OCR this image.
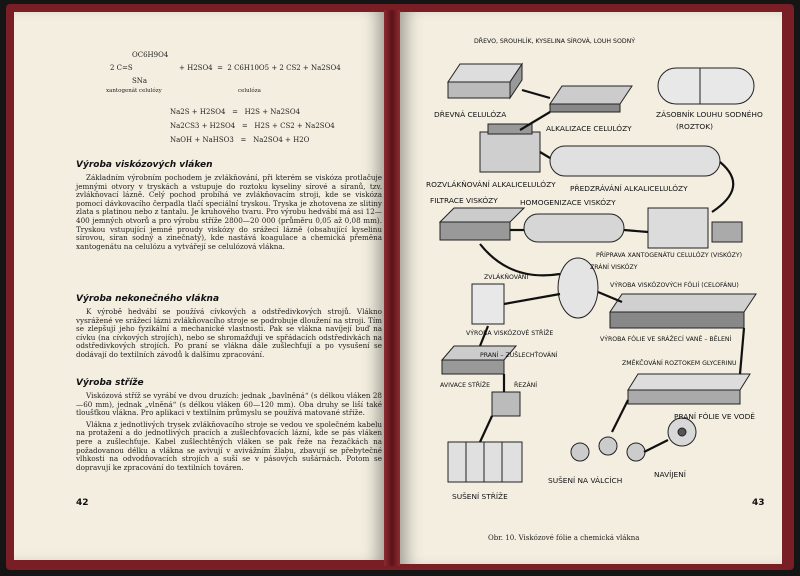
OC6H9O4
2 C=S
SNa
+ H2SO4  =  2 C6H10O5 + 2 CS2 + Na2SO4
xantogenát celulózy	celulóza
Na2S + H2SO4   =   H2S + Na2SO4
Na2CS3 + H2SO4   =   H2S + CS2 + Na2SO4
NaOH + NaHSO3   =   Na2SO4 + H2O
Výroba viskózových vláken

Základním výrobním pochodem je zvlákňování, při kterém se viskóza protlačuje jemnými otvory v tryskách a vstupuje do roztoku kyseliny sírové a síranů, tzv. zvlákňovací lázně. Celý pochod probíhá ve zvlákňovacím stroji, kde se viskóza pomocí dávkovacího čerpadla tlačí speciální tryskou. Tryska je zhotovena ze slitiny zlata s platinou nebo z tantalu. Je kruhového tvaru. Pro výrobu hedvábí má asi 12—400 jemných otvorů a pro výrobu stříže 2800—20 000 (průměru 0,05 až 0,08 mm). Tryskou vstupující jemné proudy viskózy do srážecí lázně (obsahující kyselinu sírovou, síran sodný a zinečnatý), kde nastává koagulace a chemická přeměna xantogenátu na celulózu a vytvářejí se celulózová vlákna.

Výroba nekonečného vlákna

K výrobě hedvábí se používá cívkových a odstředivkových strojů. Vlákno vysrážené ve srážecí lázni zvlákňovacího stroje se podrobuje dloužení na stroji. Tím se zlepšují jeho fyzikální a mechanické vlastnosti. Pak se vlákna navíjejí buď na cívku (na cívkových strojích), nebo se shromažďují ve spřádacích odstředivkách na odstředivkových strojích. Po praní se vlákna dále zušlechťují a po vysušení se dodávají do textilních závodů k dalšímu zpracování.

Výroba stříže

Viskózová stříž se vyrábí ve dvou druzích: jednak „bavlněná“ (s délkou vláken 28—60 mm), jednak „vlněná“ (s délkou vláken 60—120 mm). Oba druhy se liší také tloušťkou vlákna. Pro aplikaci v textilním průmyslu se používá matované stříže.

Vlákna z jednotlivých trysek zvlákňovacího stroje se vedou ve společném kabelu na protažení a do jednotlivých pracích a zušlechťovacích lázní, kde se pás vláken pere a zušlechťuje. Kabel zušlechtěných vláken se pak řeže na řezačkách na požadovanou délku a vlákna se avivují v avivážním žlabu, zbavují se přebytečné vlhkosti na odvodňovacích strojích a suší se v pásových sušárnách. Potom se dopravují ke zpracování do textilních továren.

42
DŘEVO, SROUHLÍK, KYSELINA SÍROVÁ, LOUH SODNÝ
DŘEVNÁ CELULÓZA
ALKALIZACE CELULÓZY
ZÁSOBNÍK LOUHU SODNÉHO
(ROZTOK)
ROZVLÁKŇOVÁNÍ ALKALICELULÓZY PŘEDZRÁVÁNÍ ALKALICELULÓZY
FILTRACE VISKÓZY	HOMOGENIZACE VISKÓZY
PŘÍPRAVA XANTOGENÁTU CELULÓZY (VISKÓZY)
ZRÁNÍ VISKÓZY
ZVLÁKŇOVÁNÍ
VÝROBA VISKÓZOVÝCH FÓLIÍ (CELOFÁNU)
VÝROBA VISKÓZOVÉ STŘÍŽE
VÝROBA FÓLIE VE SRÁŽECÍ VANĚ – BĚLENÍ
PRANÍ – ZUŠLECHŤOVÁNÍ
ZMĚKČOVÁNÍ ROZTOKEM GLYCERINU
AVIVACE STŘÍŽE	ŘEZÁNÍ
PRANÍ FÓLIE VE VODĚ
SUŠENÍ STŘÍŽE
SUŠENÍ NA VÁLCÍCH
NAVÍJENÍ
43
Obr. 10. Viskózové fólie a chemická vlákna
